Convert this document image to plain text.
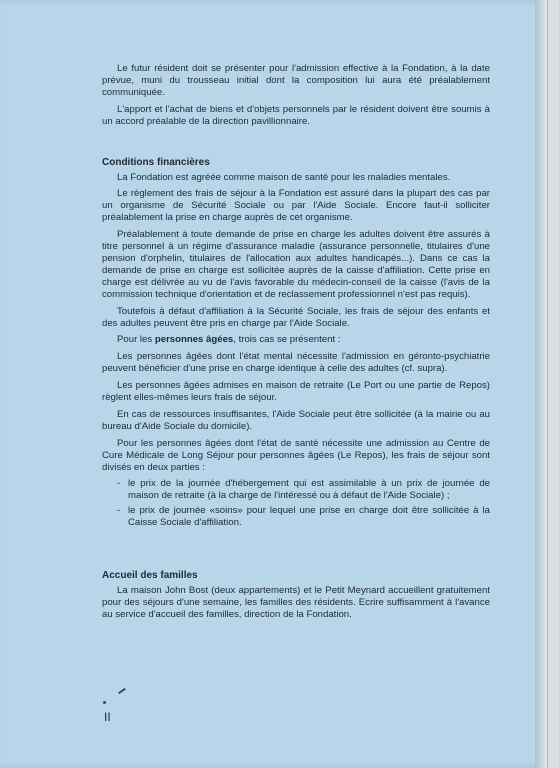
Le futur résident doit se présenter pour l'admission effective à la Fondation, à la date prévue, muni du trousseau initial dont la composition lui aura été préalablement communiquée.

L'apport et l'achat de biens et d'objets personnels par le résident doivent être soumis à un accord préalable de la direction pavillionnaire.

Conditions financières

La Fondation est agréée comme maison de santé pour les maladies mentales.

Le règlement des frais de séjour à la Fondation est assuré dans la plupart des cas par un organisme de Sécurité Sociale ou par l'Aide Sociale. Encore faut-il solliciter préalablement la prise en charge auprès de cet organisme.

Préalablement à toute demande de prise en charge les adultes doivent être assurés à titre personnel à un régime d'assurance maladie (assurance personnelle, titulaires d'une pension d'orphelin, titulaires de l'allocation aux adultes handicapés...). Dans ce cas la demande de prise en charge est sollicitée auprès de la caisse d'affiliation. Cette prise en charge est délivrée au vu de l'avis favorable du médecin-conseil de la caisse (l'avis de la commission technique d'orientation et de reclassement professionnel n'est pas requis).

Toutefois à défaut d'affiliation à la Sécurité Sociale, les frais de séjour des enfants et des adultes peuvent être pris en charge par l'Aide Sociale.

Pour les personnes âgées, trois cas se présentent :

Les personnes âgées dont l'état mental nécessite l'admission en géronto-psychiatrie peuvent bénéficier d'une prise en charge identique à celle des adultes (cf. supra).

Les personnes âgées admises en maison de retraite (Le Port ou une partie de Repos) règlent elles-mêmes leurs frais de séjour.

En cas de ressources insuffisantes, l'Aide Sociale peut être sollicitée (à la mairie ou au bureau d'Aide Sociale du domicile).

Pour les personnes âgées dont l'état de santé nécessite une admission au Centre de Cure Médicale de Long Séjour pour personnes âgées (Le Repos), les frais de séjour sont divisés en deux parties :

- le prix de la journée d'hébergement qui est assimilable à un prix de journée de maison de retraite (à la charge de l'intéressé ou à défaut de l'Aide Sociale) ;
- le prix de journée «soins» pour lequel une prise en charge doit être sollicitée à la Caisse Sociale d'affiliation.
Accueil des familles

La maison John Bost (deux appartements) et le Petit Meynard accueillent gratuitement pour des séjours d'une semaine, les familles des résidents. Ecrire suffisamment à l'avance au service d'accueil des familles, direction de la Fondation.

II
